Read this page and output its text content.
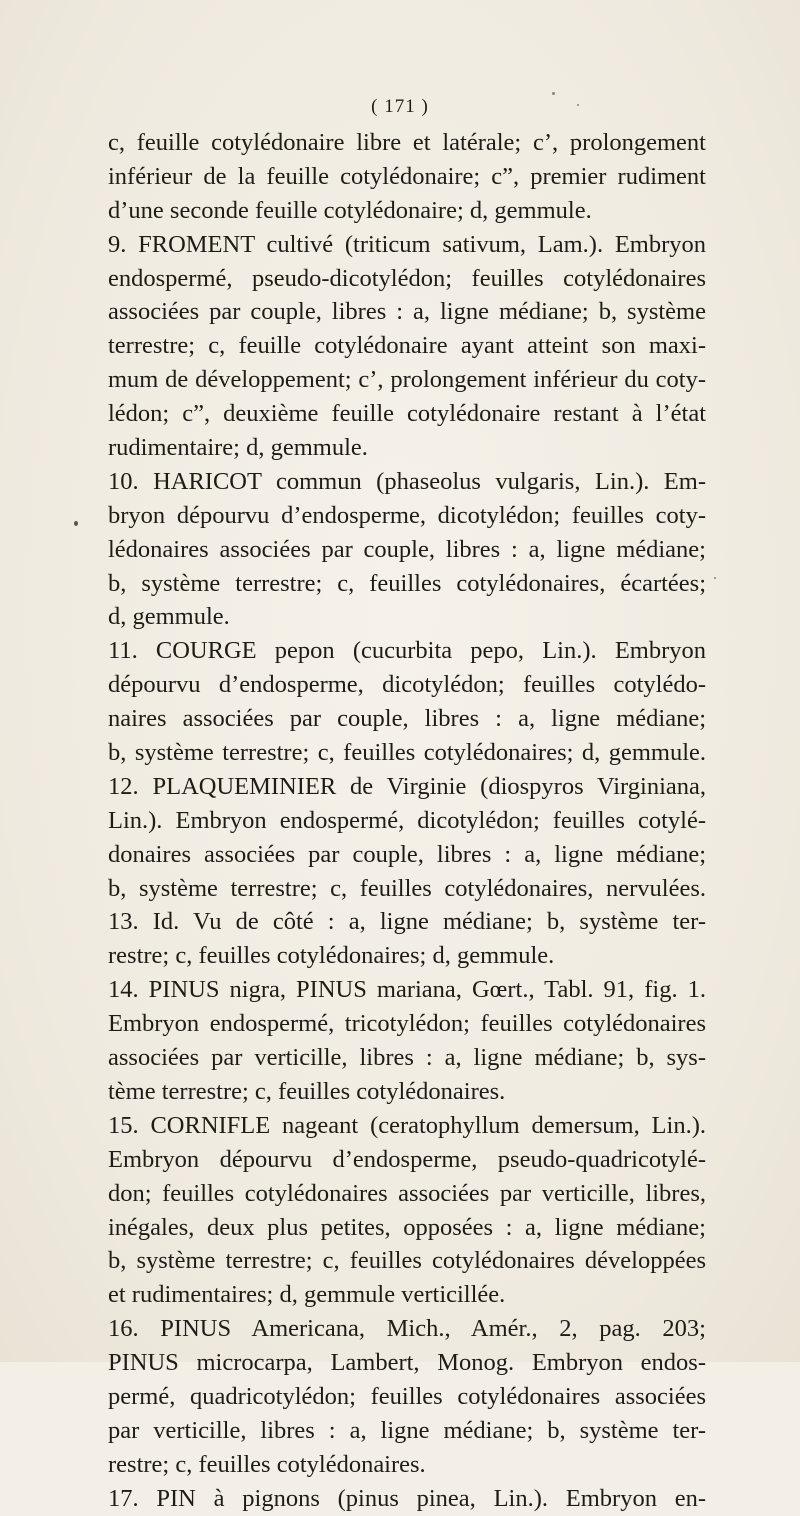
( 171 )
c, feuille cotylédonaire libre et latérale; c’, prolongement
inférieur de la feuille cotylédonaire; c”, premier rudiment
d’une seconde feuille cotylédonaire; d, gemmule.
9. FROMENT cultivé (triticum sativum, Lam.). Embryon
endospermé, pseudo-dicotylédon; feuilles cotylédonaires
associées par couple, libres : a, ligne médiane; b, système
terrestre; c, feuille cotylédonaire ayant atteint son maxi-
mum de développement; c’, prolongement inférieur du coty-
lédon; c”, deuxième feuille cotylédonaire restant à l’état
rudimentaire; d, gemmule.
10. HARICOT commun (phaseolus vulgaris, Lin.). Em-
bryon dépourvu d’endosperme, dicotylédon; feuilles coty-
lédonaires associées par couple, libres : a, ligne médiane;
b, système terrestre; c, feuilles cotylédonaires, écartées;
d, gemmule.
11. COURGE pepon (cucurbita pepo, Lin.). Embryon
dépourvu d’endosperme, dicotylédon; feuilles cotylédo-
naires associées par couple, libres : a, ligne médiane;
b, système terrestre; c, feuilles cotylédonaires; d, gemmule.
12. PLAQUEMINIER de Virginie (diospyros Virginiana,
Lin.). Embryon endospermé, dicotylédon; feuilles cotylé-
donaires associées par couple, libres : a, ligne médiane;
b, système terrestre; c, feuilles cotylédonaires, nervulées.
13. Id. Vu de côté : a, ligne médiane; b, système ter-
restre; c, feuilles cotylédonaires; d, gemmule.
14. PINUS nigra, PINUS mariana, Gœrt., Tabl. 91, fig. 1.
Embryon endospermé, tricotylédon; feuilles cotylédonaires
associées par verticille, libres : a, ligne médiane; b, sys-
tème terrestre; c, feuilles cotylédonaires.
15. CORNIFLE nageant (ceratophyllum demersum, Lin.).
Embryon dépourvu d’endosperme, pseudo-quadricotylé-
don; feuilles cotylédonaires associées par verticille, libres,
inégales, deux plus petites, opposées : a, ligne médiane;
b, système terrestre; c, feuilles cotylédonaires développées
et rudimentaires; d, gemmule verticillée.
16. PINUS Americana, Mich., Amér., 2, pag. 203;
PINUS microcarpa, Lambert, Monog. Embryon endos-
permé, quadricotylédon; feuilles cotylédonaires associées
par verticille, libres : a, ligne médiane; b, système ter-
restre; c, feuilles cotylédonaires.
17. PIN à pignons (pinus pinea, Lin.). Embryon en-
